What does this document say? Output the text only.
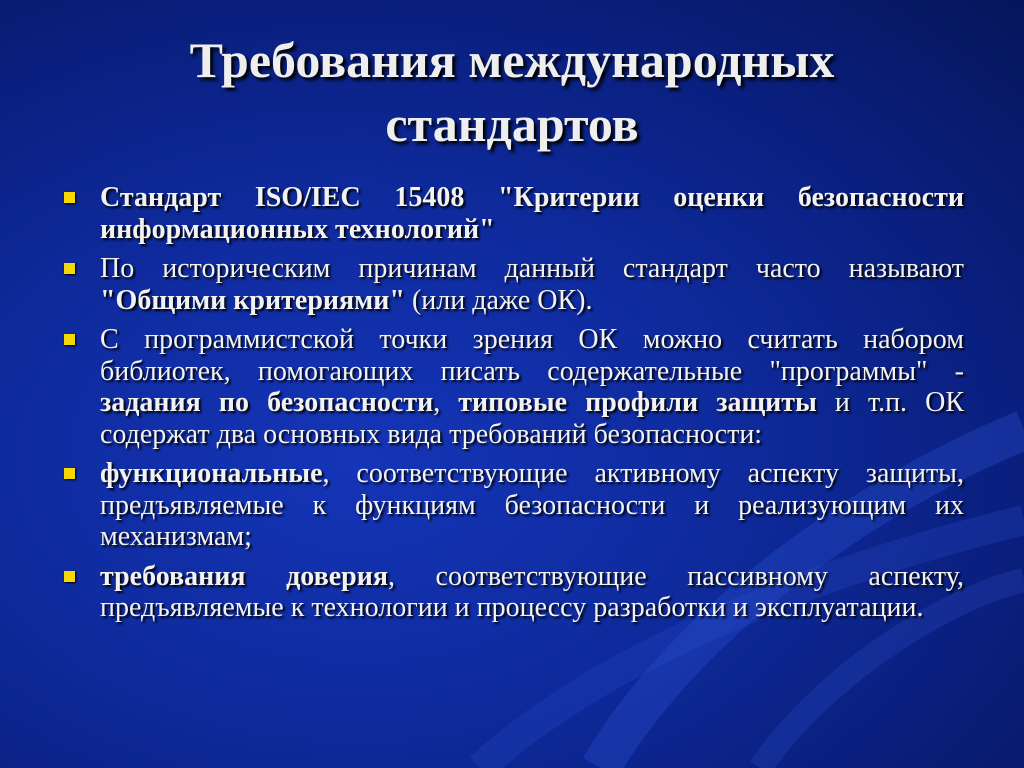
Требования международных
стандартов
Стандарт ISO/IEC 15408 "Критерии оценки безопасности информационных технологий"
По историческим причинам данный стандарт часто называют "Общими критериями" (или даже ОК).
С программистской точки зрения ОК можно считать набором библиотек, помогающих писать содержательные "программы" - задания по безопасности, типовые профили защиты и т.п. ОК содержат два основных вида требований безопасности:
функциональные, соответствующие активному аспекту защиты, предъявляемые к функциям безопасности и реализующим их механизмам;
требования доверия, соответствующие пассивному аспекту, предъявляемые к технологии и процессу разработки и эксплуатации.
